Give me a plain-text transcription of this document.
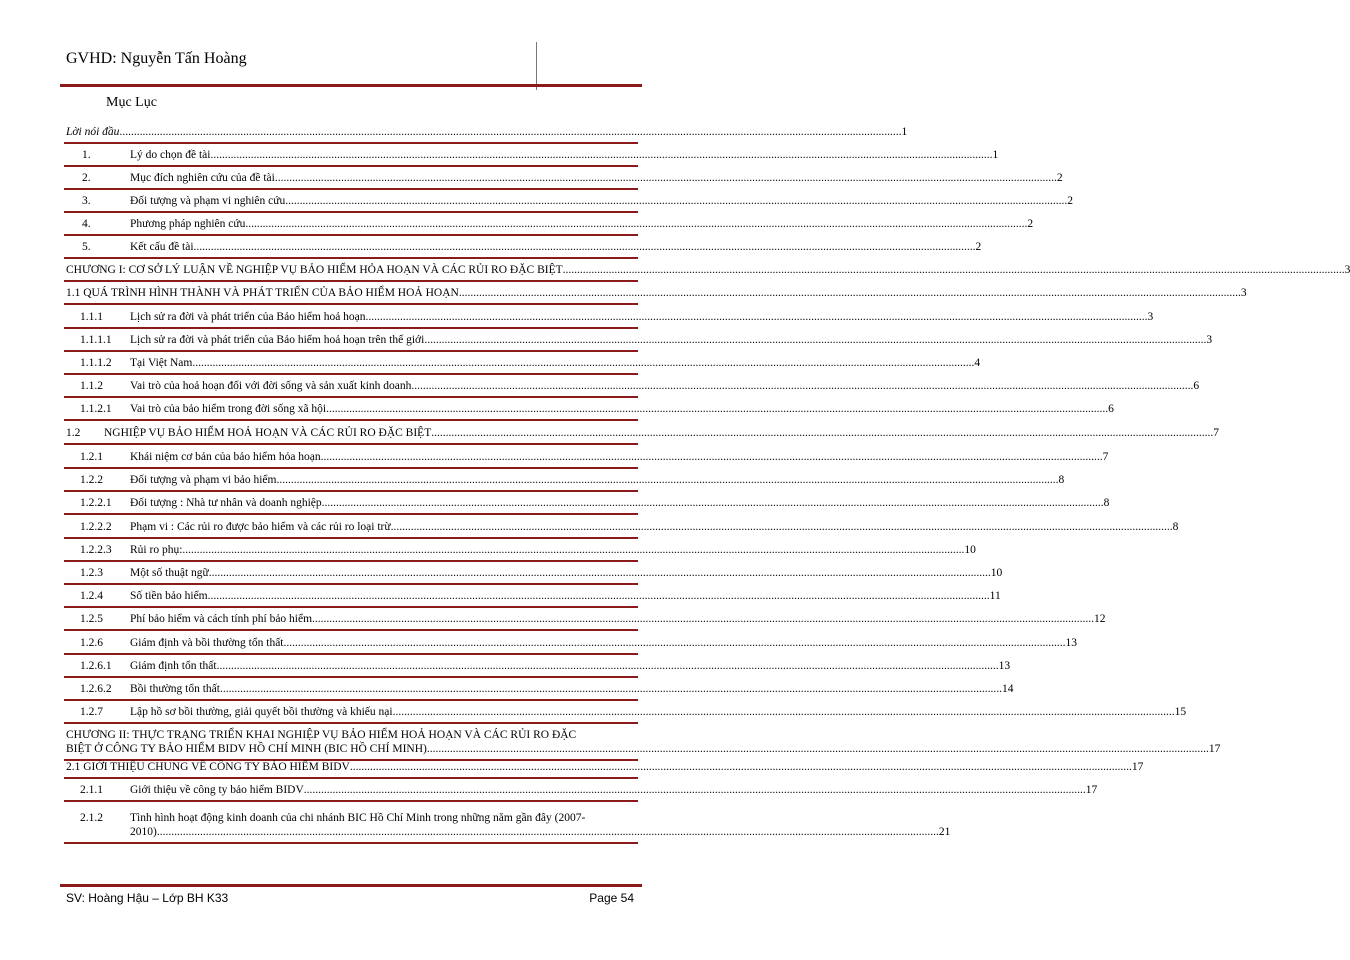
GVHD: Nguyễn Tấn Hoàng
Mục Lục
Lời nói đầu .....	1
1.	Lý do chọn đề tài .....	1
2.	Mục đích nghiên cứu của đề tài .....	2
3.	Đối tượng và phạm vi nghiên cứu .....	2
4.	Phương pháp nghiên cứu .....	2
5.	Kết cấu đề tài .....	2
CHƯƠNG I: CƠ SỞ LÝ LUẬN VỀ NGHIỆP VỤ BẢO HIỂM HỎA HOẠN VÀ CÁC RỦI RO ĐẶC BIỆT .....	3
1.1 QUÁ TRÌNH HÌNH THÀNH VÀ PHÁT TRIỂN CỦA BẢO HIỂM HOẢ HOẠN .....	3
1.1.1 Lịch sử ra đời và phát triển của Bảo hiểm hoả hoạn .....	3
1.1.1.1 Lịch sử ra đời và phát triển của Bảo hiểm hoả hoạn trên thế giới .....	3
1.1.1.2 Tại Việt Nam .....	4
1.1.2 Vai trò của hoả hoạn đối với đời sống và sản xuất kinh doanh .....	6
1.1.2.1 Vai trò của bảo hiểm trong đời sống xã hội .....	6
1.2 NGHIỆP VỤ BẢO HIỂM HOẢ HOẠN VÀ CÁC RỦI RO ĐẶC BIỆT .....	7
1.2.1 Khái niệm cơ bản của bảo hiểm hỏa hoạn .....	7
1.2.2 Đối tượng và phạm vi bảo hiểm .....	8
1.2.2.1 Đối tượng : Nhà tư nhân và doanh nghiệp .....	8
1.2.2.2 Phạm vi : Các rủi ro được bảo hiểm và các rủi ro loại trừ .....	8
1.2.2.3 Rủi ro phụ: .....	10
1.2.3 Một số thuật ngữ .....	10
1.2.4 Số tiền bảo hiểm .....	11
1.2.5 Phí bảo hiểm và cách tính phí bảo hiểm .....	12
1.2.6 Giám định và bồi thường tổn thất .....	13
1.2.6.1 Giám định tổn thất .....	13
1.2.6.2 Bồi thường tổn thất .....	14
1.2.7 Lập hồ sơ bồi thường, giải quyết bồi thường và khiếu nại .....	15
CHƯƠNG II: THỰC TRẠNG TRIỂN KHAI NGHIỆP VỤ BẢO HIỂM HOẢ HOẠN VÀ CÁC RỦI RO ĐẶC
BIỆT Ở CÔNG TY BẢO HIỂM BIDV HỒ CHÍ MINH (BIC HỒ CHÍ MINH) .....	17
2.1 GIỚI THIỆU CHUNG VỀ CÔNG TY BẢO HIỂM BIDV .....	17
2.1.1 Giới thiệu về công ty bảo hiểm BIDV .....	17
2.1.2 Tình hình hoạt động kinh doanh của chi nhánh BIC Hồ Chí Minh trong những năm gần đây (2007-
2010) .....	21
SV: Hoàng Hậu – Lớp BH K33	Page 54
